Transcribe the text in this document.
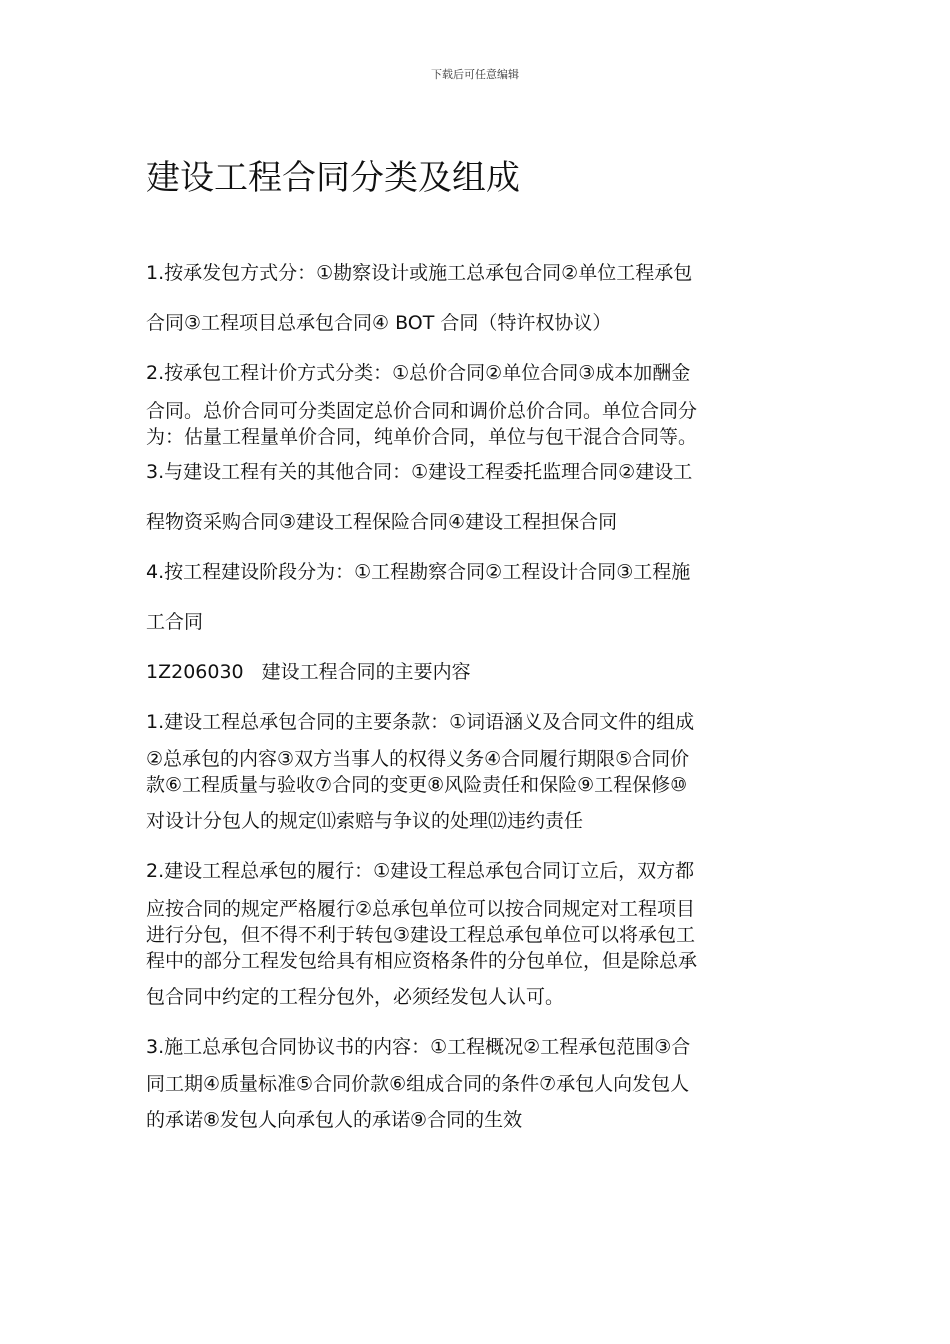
下载后可任意编辑
建设工程合同分类及组成

1.按承发包方式分：①勘察设计或施工总承包合同②单位工程承包

合同③工程项目总承包合同④ BOT 合同（特许权协议）

2.按承包工程计价方式分类：①总价合同②单位合同③成本加酬金

合同。总价合同可分类固定总价合同和调价总价合同。单位合同分

为：估量工程量单价合同，纯单价合同，单位与包干混合合同等。

3.与建设工程有关的其他合同：①建设工程委托监理合同②建设工

程物资采购合同③建设工程保险合同④建设工程担保合同

4.按工程建设阶段分为：①工程勘察合同②工程设计合同③工程施

工合同

1Z206030 建设工程合同的主要内容

1.建设工程总承包合同的主要条款：①词语涵义及合同文件的组成

②总承包的内容③双方当事人的权得义务④合同履行期限⑤合同价

款⑥工程质量与验收⑦合同的变更⑧风险责任和保险⑨工程保修⑩

对设计分包人的规定⑾索赔与争议的处理⑿违约责任

2.建设工程总承包的履行：①建设工程总承包合同订立后，双方都

应按合同的规定严格履行②总承包单位可以按合同规定对工程项目

进行分包，但不得不利于转包③建设工程总承包单位可以将承包工

程中的部分工程发包给具有相应资格条件的分包单位，但是除总承

包合同中约定的工程分包外，必须经发包人认可。

3.施工总承包合同协议书的内容：①工程概况②工程承包范围③合

同工期④质量标准⑤合同价款⑥组成合同的条件⑦承包人向发包人

的承诺⑧发包人向承包人的承诺⑨合同的生效
